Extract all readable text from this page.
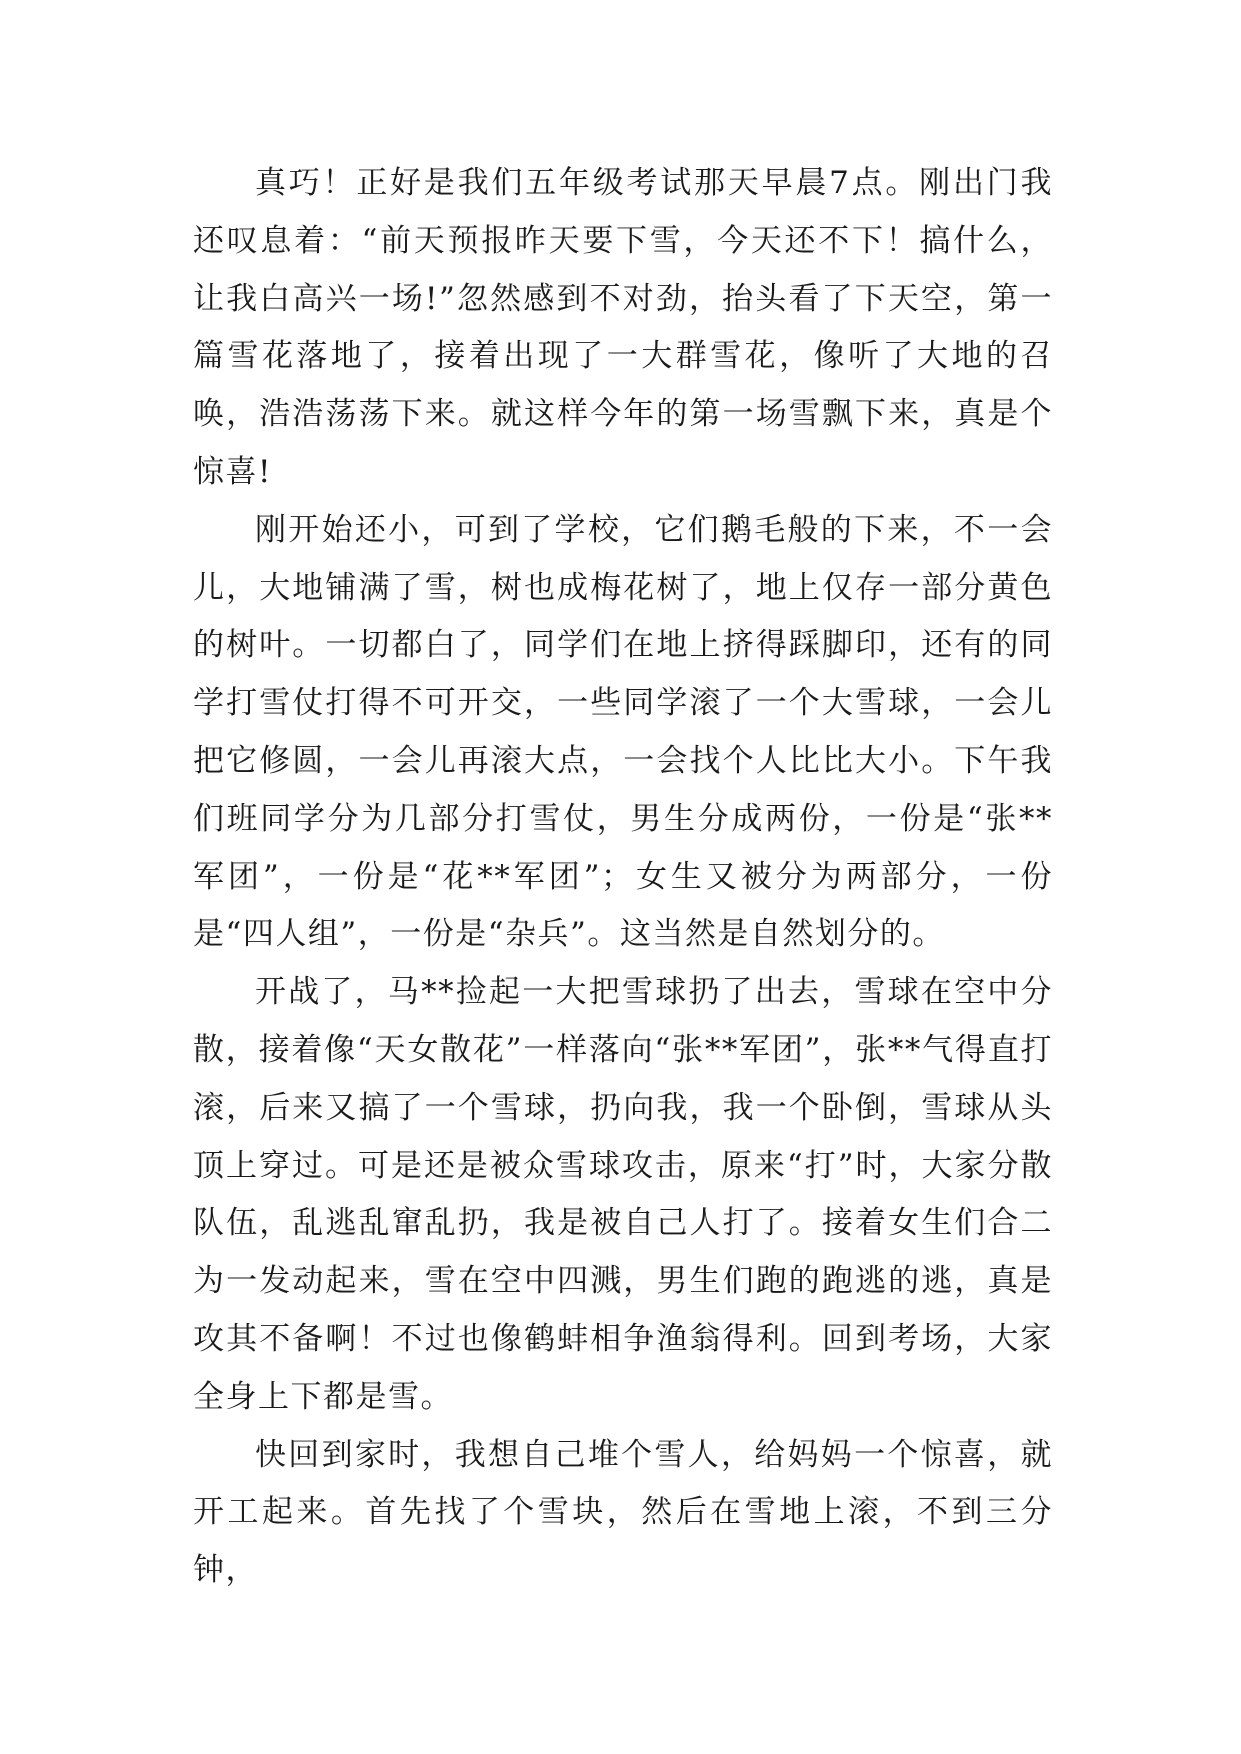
真巧！正好是我们五年级考试那天早晨7点。刚出门我还叹息着：“前天预报昨天要下雪，今天还不下！搞什么，让我白高兴一场!”忽然感到不对劲，抬头看了下天空，第一篇雪花落地了，接着出现了一大群雪花，像听了大地的召唤，浩浩荡荡下来。就这样今年的第一场雪飘下来，真是个惊喜!

刚开始还小，可到了学校，它们鹅毛般的下来，不一会儿，大地铺满了雪，树也成梅花树了，地上仅存一部分黄色的树叶。一切都白了，同学们在地上挤得踩脚印，还有的同学打雪仗打得不可开交，一些同学滚了一个大雪球，一会儿把它修圆，一会儿再滚大点，一会找个人比比大小。下午我们班同学分为几部分打雪仗，男生分成两份，一份是“张**军团”，一份是“花**军团”；女生又被分为两部分，一份是“四人组”，一份是“杂兵”。这当然是自然划分的。

开战了，马**捡起一大把雪球扔了出去，雪球在空中分散，接着像“天女散花”一样落向“张**军团”，张**气得直打滚，后来又搞了一个雪球，扔向我，我一个卧倒，雪球从头顶上穿过。可是还是被众雪球攻击，原来“打”时，大家分散队伍，乱逃乱窜乱扔，我是被自己人打了。接着女生们合二为一发动起来，雪在空中四溅，男生们跑的跑逃的逃，真是攻其不备啊！不过也像鹤蚌相争渔翁得利。回到考场，大家全身上下都是雪。

快回到家时，我想自己堆个雪人，给妈妈一个惊喜，就开工起来。首先找了个雪块，然后在雪地上滚，不到三分钟，
